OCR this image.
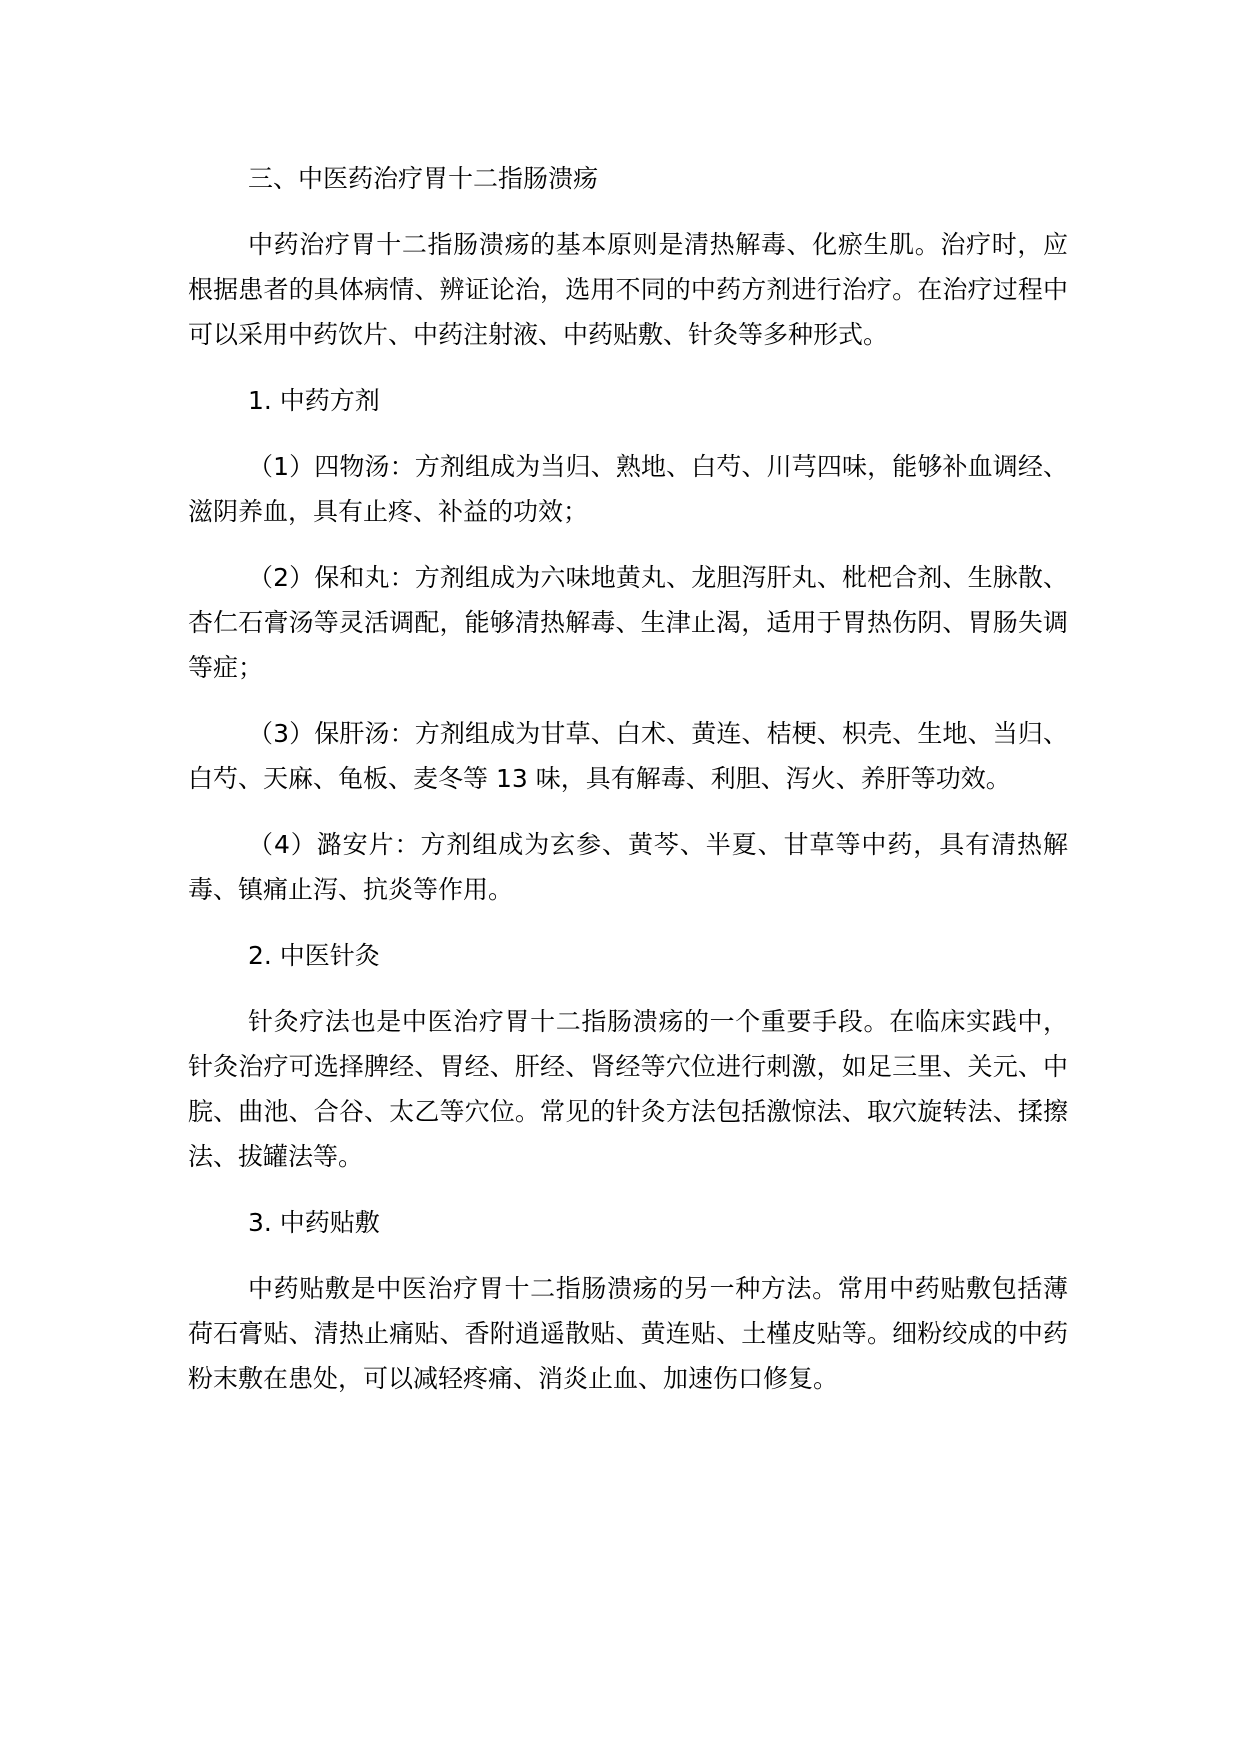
三、中医药治疗胃十二指肠溃疡

中药治疗胃十二指肠溃疡的基本原则是清热解毒、化瘀生肌。治疗时，应根据患者的具体病情、辨证论治，选用不同的中药方剂进行治疗。在治疗过程中可以采用中药饮片、中药注射液、中药贴敷、针灸等多种形式。

1. 中药方剂

（1）四物汤：方剂组成为当归、熟地、白芍、川芎四味，能够补血调经、滋阴养血，具有止疼、补益的功效；

（2）保和丸：方剂组成为六味地黄丸、龙胆泻肝丸、枇杷合剂、生脉散、杏仁石膏汤等灵活调配，能够清热解毒、生津止渴，适用于胃热伤阴、胃肠失调等症；

（3）保肝汤：方剂组成为甘草、白术、黄连、桔梗、枳壳、生地、当归、白芍、天麻、龟板、麦冬等 13 味，具有解毒、利胆、泻火、养肝等功效。

（4）潞安片：方剂组成为玄参、黄芩、半夏、甘草等中药，具有清热解毒、镇痛止泻、抗炎等作用。

2. 中医针灸

针灸疗法也是中医治疗胃十二指肠溃疡的一个重要手段。在临床实践中，针灸治疗可选择脾经、胃经、肝经、肾经等穴位进行刺激，如足三里、关元、中脘、曲池、合谷、太乙等穴位。常见的针灸方法包括激惊法、取穴旋转法、揉擦法、拔罐法等。

3. 中药贴敷

中药贴敷是中医治疗胃十二指肠溃疡的另一种方法。常用中药贴敷包括薄荷石膏贴、清热止痛贴、香附逍遥散贴、黄连贴、土槿皮贴等。细粉绞成的中药粉末敷在患处，可以减轻疼痛、消炎止血、加速伤口修复。
